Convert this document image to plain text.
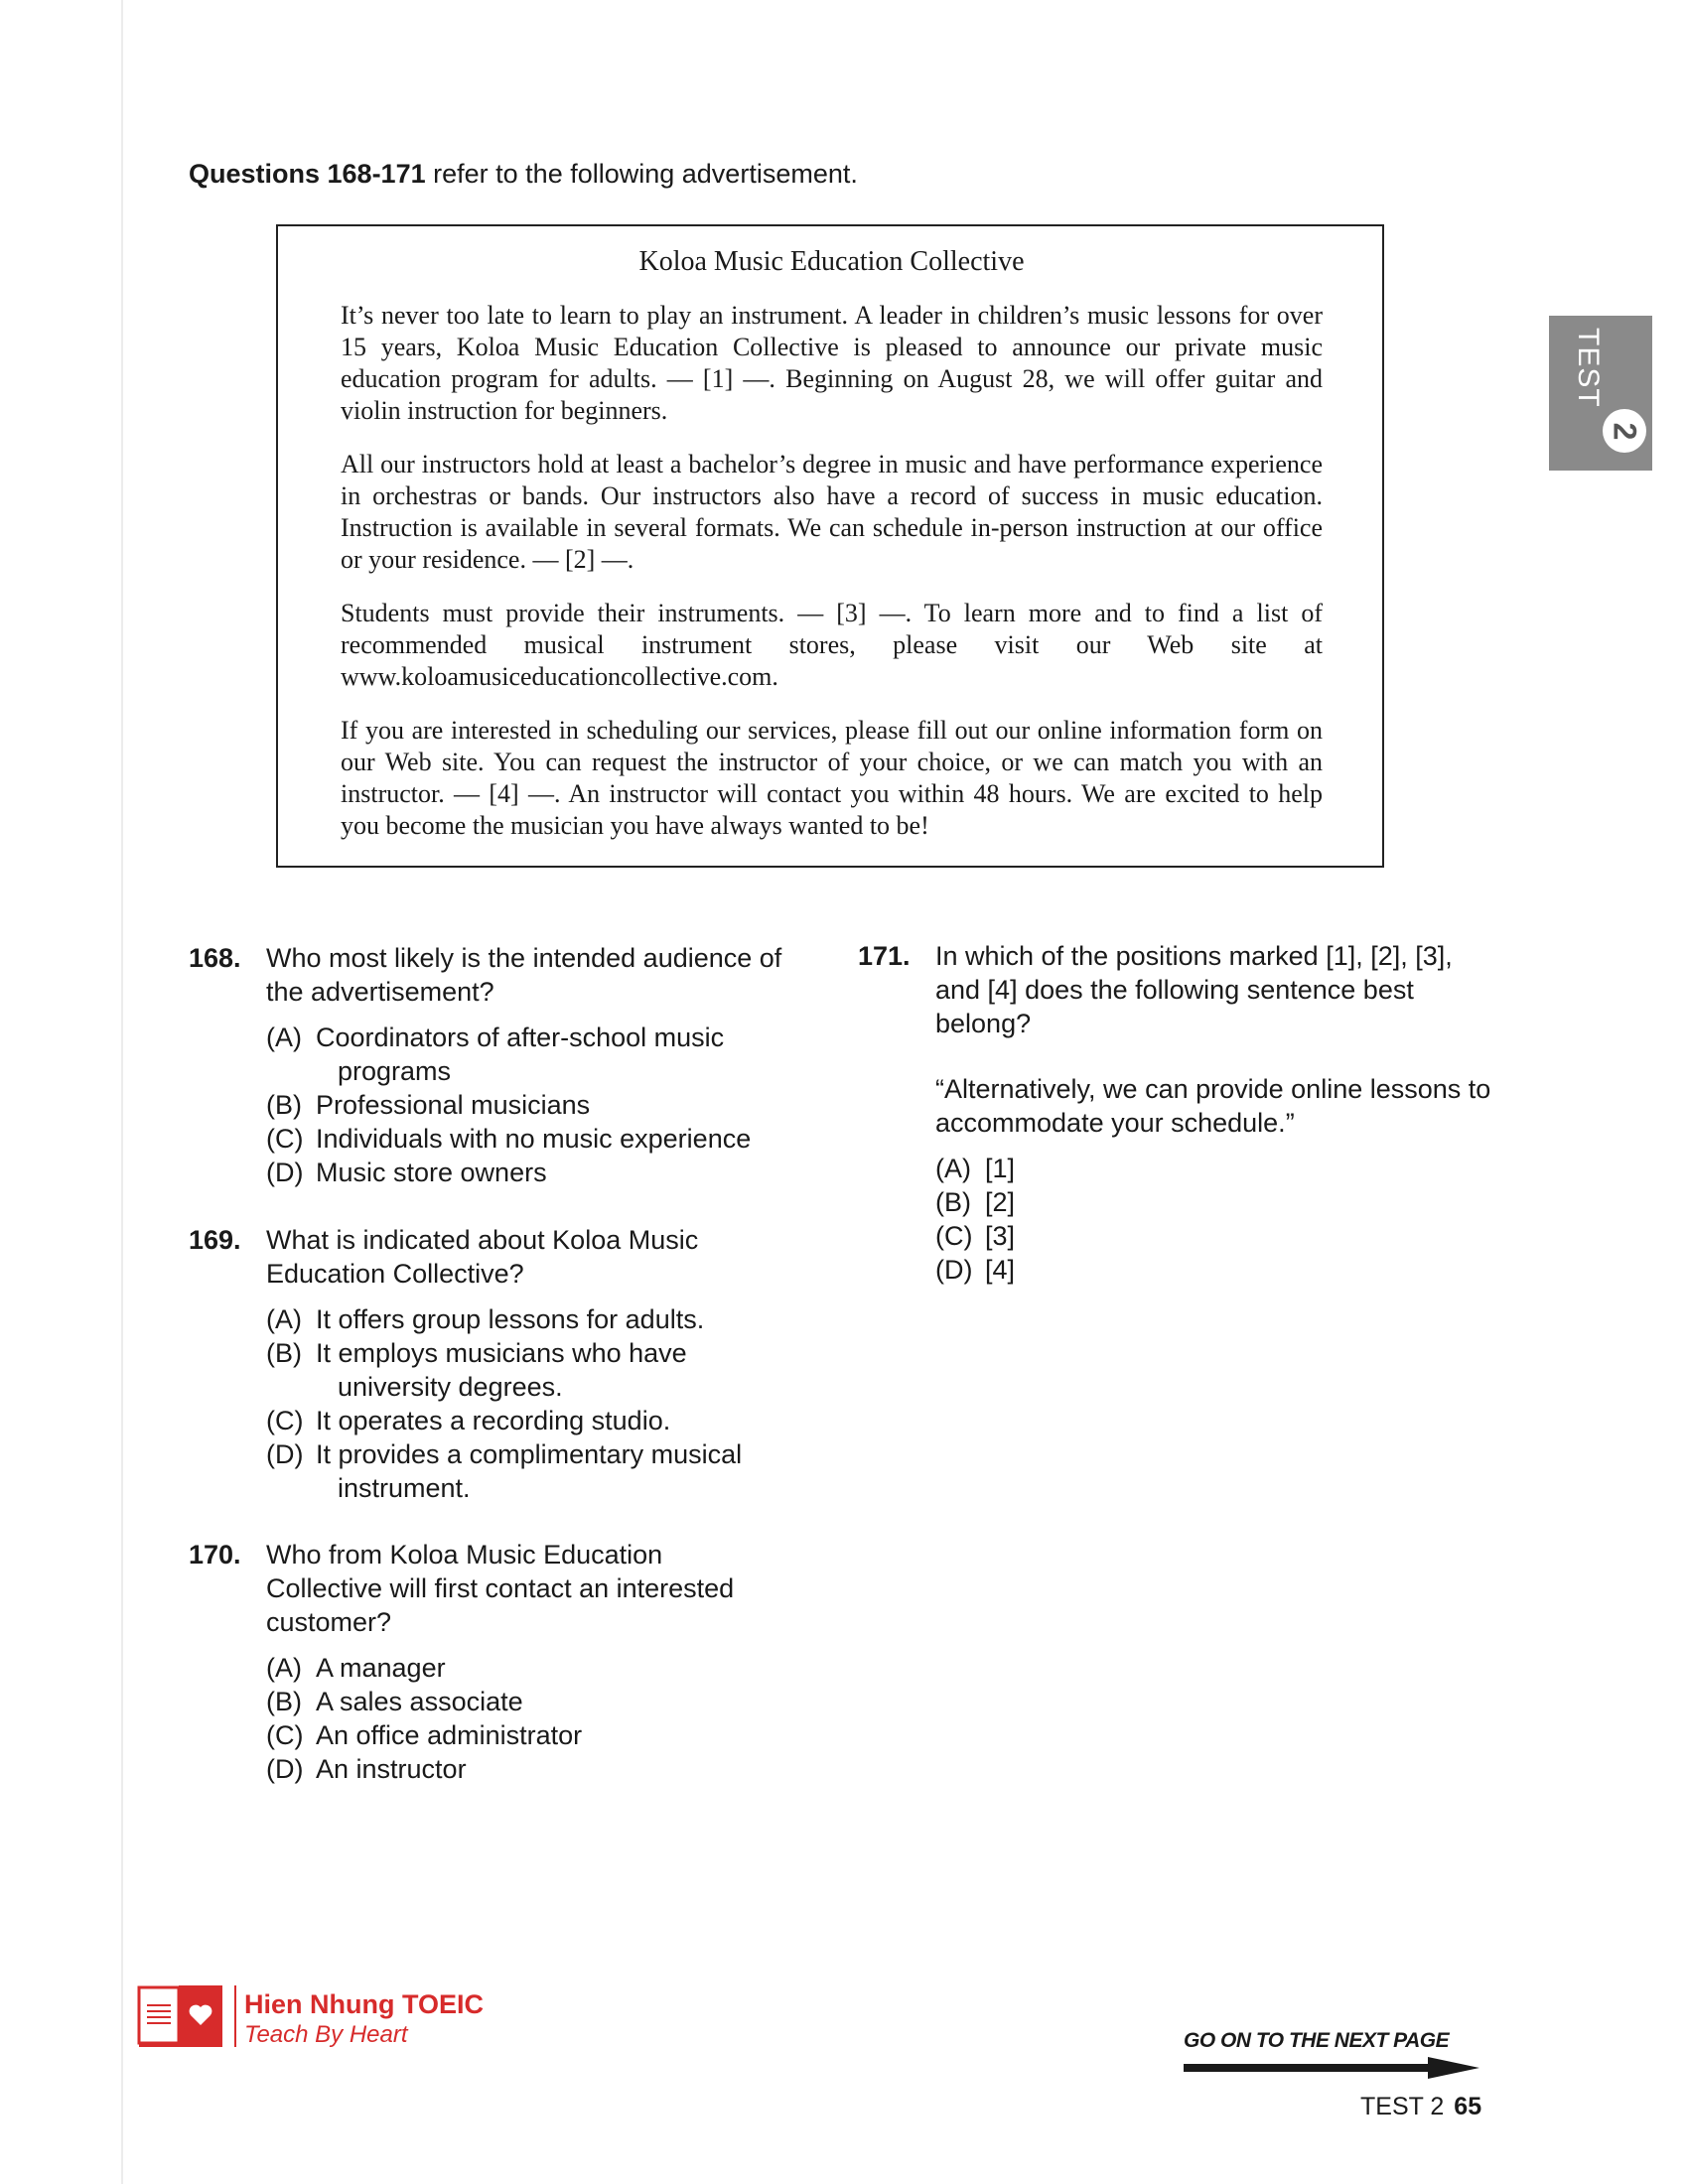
Questions 168-171 refer to the following advertisement.
Koloa Music Education Collective

It’s never too late to learn to play an instrument. A leader in children’s music lessons for over 15 years, Koloa Music Education Collective is pleased to announce our private music education program for adults. — [1] —. Beginning on August 28, we will offer guitar and violin instruction for beginners.

All our instructors hold at least a bachelor’s degree in music and have performance experience in orchestras or bands. Our instructors also have a record of success in music education. Instruction is available in several formats. We can schedule in-person instruction at our office or your residence. — [2] —.

Students must provide their instruments. — [3] —. To learn more and to find a list of recommended musical instrument stores, please visit our Web site at www.koloamusiceducationcollective.com.

If you are interested in scheduling our services, please fill out our online information form on our Web site. You can request the instructor of your choice, or we can match you with an instructor. — [4] —. An instructor will contact you within 48 hours. We are excited to help you become the musician you have always wanted to be!

TEST
2
168. Who most likely is the intended audience of the advertisement?
(A) Coordinators of after-school music programs
(B) Professional musicians
(C) Individuals with no music experience
(D) Music store owners
169. What is indicated about Koloa Music Education Collective?
(A) It offers group lessons for adults.
(B) It employs musicians who have university degrees.
(C) It operates a recording studio.
(D) It provides a complimentary musical instrument.
170. Who from Koloa Music Education Collective will first contact an interested customer?
(A) A manager
(B) A sales associate
(C) An office administrator
(D) An instructor
171. In which of the positions marked [1], [2], [3], and [4] does the following sentence best belong?
“Alternatively, we can provide online lessons to accommodate your schedule.”
(A) [1]
(B) [2]
(C) [3]
(D) [4]
Hien Nhung TOEIC
Teach By Heart	GO ON TO THE NEXT PAGE
TEST 2 65
